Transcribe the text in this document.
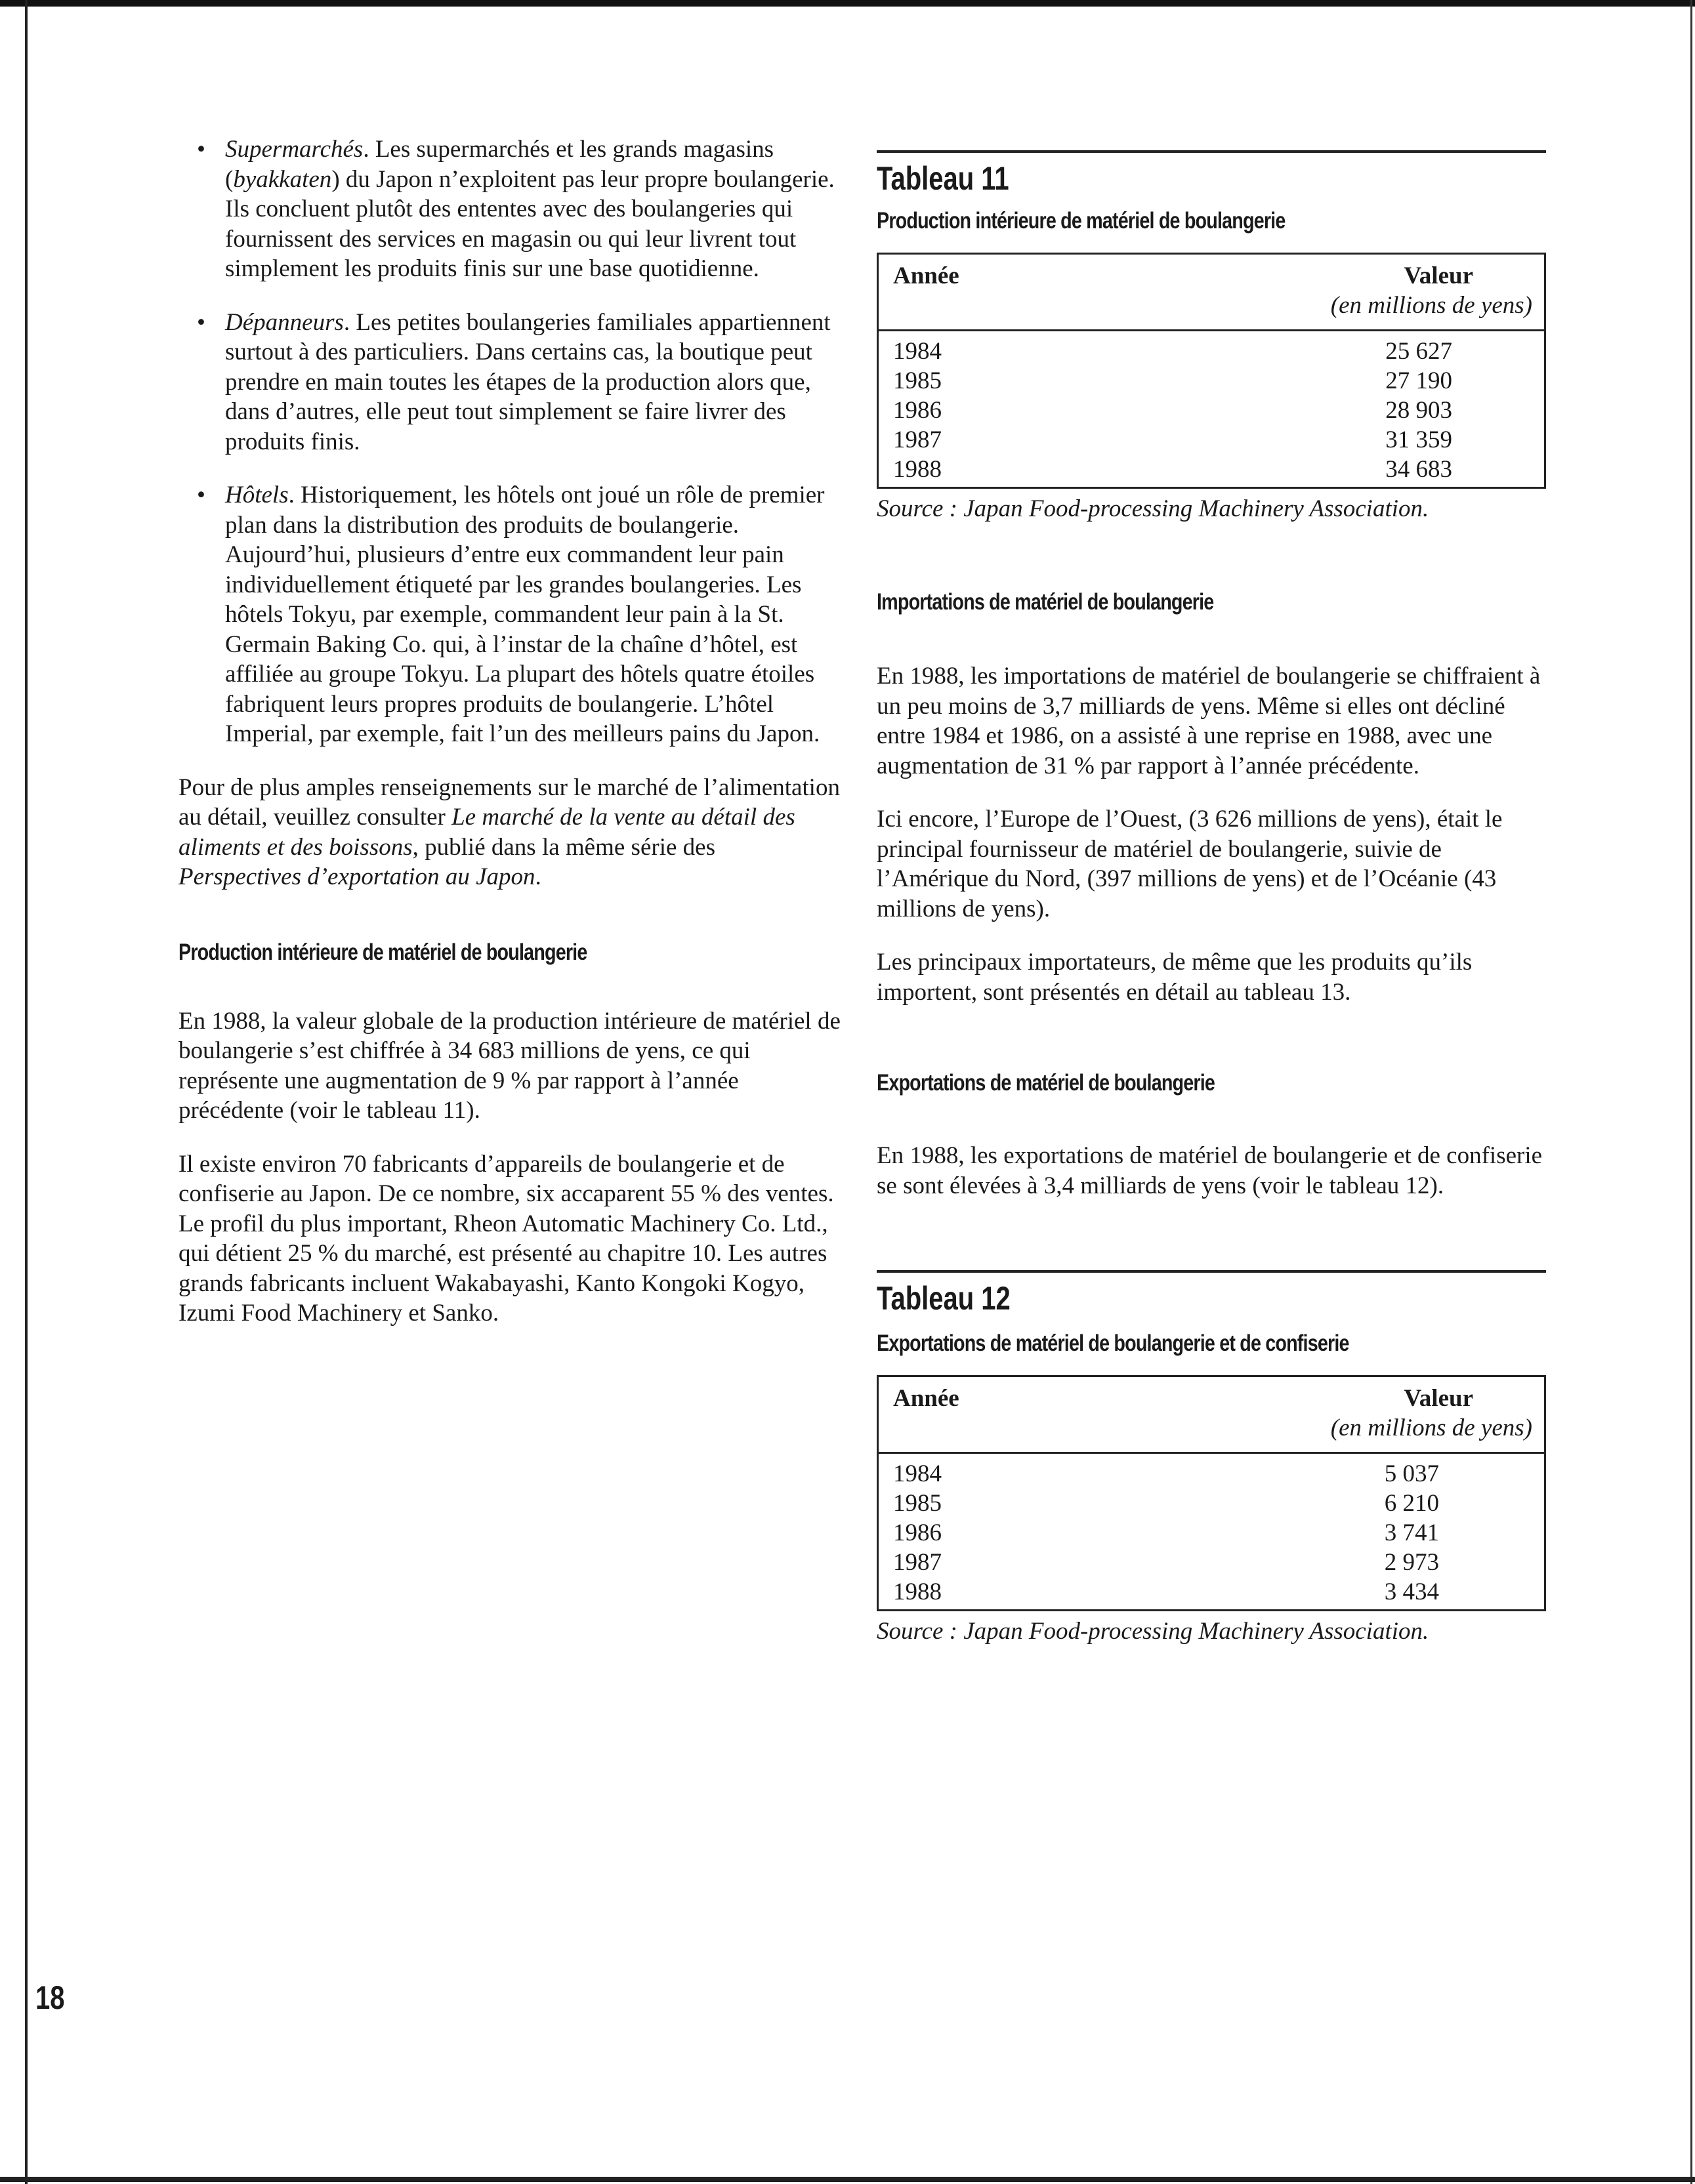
• Supermarchés. Les supermarchés et les grands magasins (byakkaten) du Japon n’exploitent pas leur propre boulangerie. Ils concluent plutôt des ententes avec des boulangeries qui fournissent des services en magasin ou qui leur livrent tout simplement les produits finis sur une base quotidienne.

• Dépanneurs. Les petites boulangeries familiales appartiennent surtout à des particuliers. Dans certains cas, la boutique peut prendre en main toutes les étapes de la production alors que, dans d’autres, elle peut tout simplement se faire livrer des produits finis.

• Hôtels. Historiquement, les hôtels ont joué un rôle de premier plan dans la distribution des produits de boulangerie. Aujourd’hui, plusieurs d’entre eux commandent leur pain individuellement étiqueté par les grandes boulangeries. Les hôtels Tokyu, par exemple, commandent leur pain à la St. Germain Baking Co. qui, à l’instar de la chaîne d’hôtel, est affiliée au groupe Tokyu. La plupart des hôtels quatre étoiles fabriquent leurs propres produits de boulangerie. L’hôtel Imperial, par exemple, fait l’un des meilleurs pains du Japon.

Pour de plus amples renseignements sur le marché de l’alimentation au détail, veuillez consulter Le marché de la vente au détail des aliments et des boissons, publié dans la même série des Perspectives d’exportation au Japon.

Production intérieure de matériel de boulangerie

En 1988, la valeur globale de la production intérieure de matériel de boulangerie s’est chiffrée à 34 683 millions de yens, ce qui représente une augmentation de 9 % par rapport à l’année précédente (voir le tableau 11).

Il existe environ 70 fabricants d’appareils de boulangerie et de confiserie au Japon. De ce nombre, six accaparent 55 % des ventes. Le profil du plus important, Rheon Automatic Machinery Co. Ltd., qui détient 25 % du marché, est présenté au chapitre 10. Les autres grands fabricants incluent Wakabayashi, Kanto Kongoki Kogyo, Izumi Food Machinery et Sanko.

Tableau 11
Production intérieure de matériel de boulangerie
Année	Valeur
(en millions de yens)

1984	25 627
1985	27 190
1986	28 903
1987	31 359
1988	34 683
Source : Japan Food-processing Machinery Association.
Importations de matériel de boulangerie

En 1988, les importations de matériel de boulangerie se chiffraient à un peu moins de 3,7 milliards de yens. Même si elles ont décliné entre 1984 et 1986, on a assisté à une reprise en 1988, avec une augmentation de 31 % par rapport à l’année précédente.

Ici encore, l’Europe de l’Ouest, (3 626 millions de yens), était le principal fournisseur de matériel de boulangerie, suivie de l’Amérique du Nord, (397 millions de yens) et de l’Océanie (43 millions de yens).

Les principaux importateurs, de même que les produits qu’ils importent, sont présentés en détail au tableau 13.

Exportations de matériel de boulangerie

En 1988, les exportations de matériel de boulangerie et de confiserie se sont élevées à 3,4 milliards de yens (voir le tableau 12).

Tableau 12
Exportations de matériel de boulangerie et de confiserie
Année	Valeur
(en millions de yens)

1984	5 037
1985	6 210
1986	3 741
1987	2 973
1988	3 434
Source : Japan Food-processing Machinery Association.
18
